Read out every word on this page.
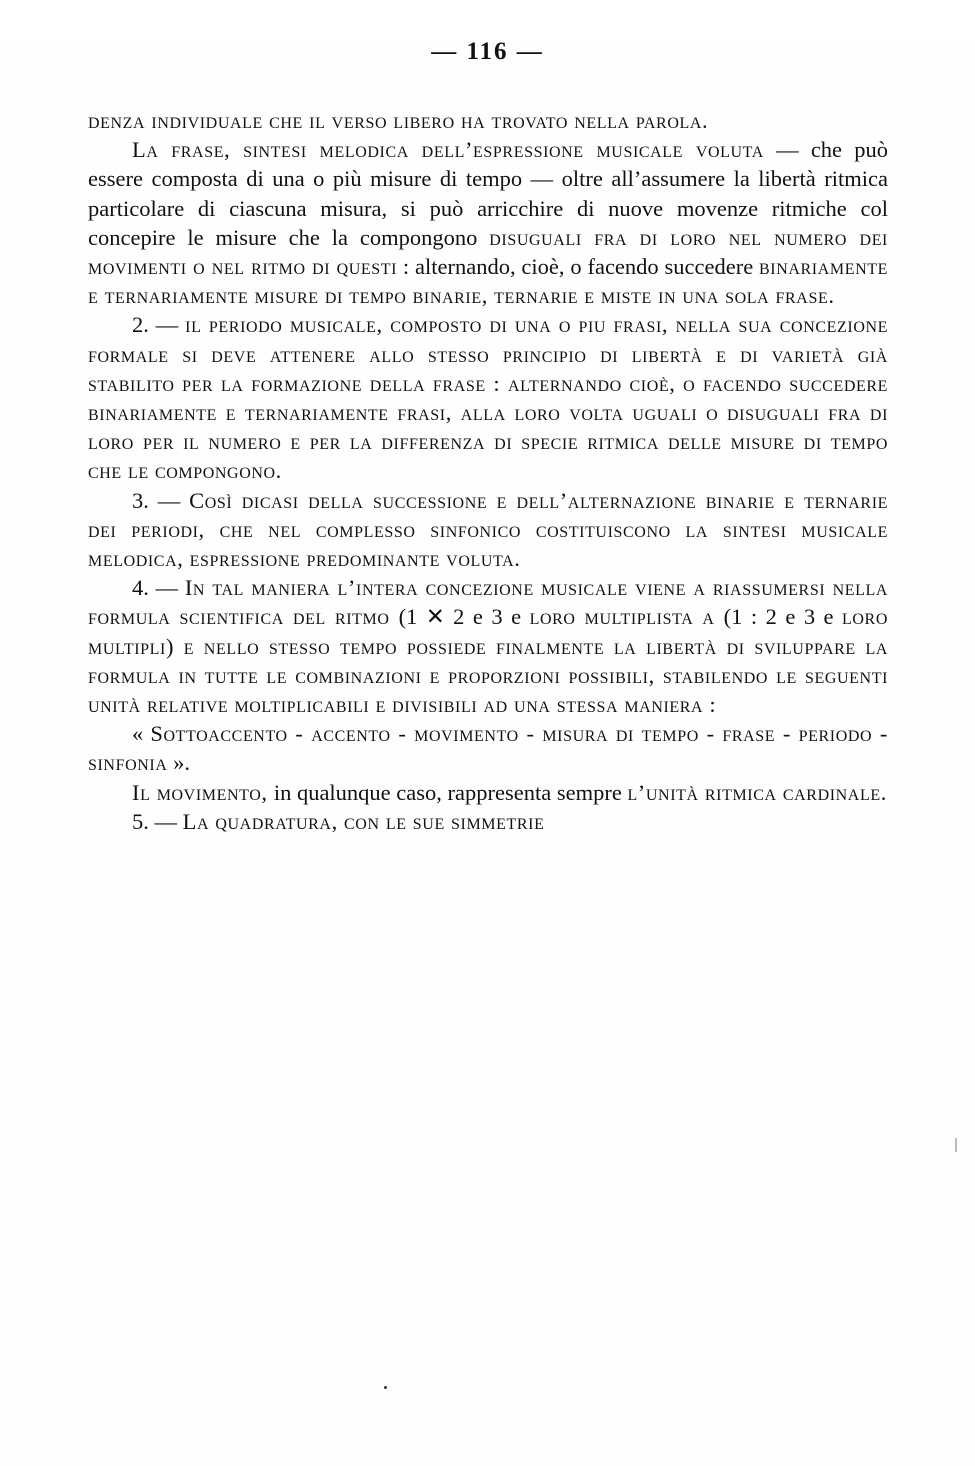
— 116 —

denza individuale che il verso libero ha trovato nella parola.

La frase, sintesi melodica dell’espressione musicale voluta — che può essere composta di una o più misure di tempo — oltre all’assumere la libertà ritmica particolare di ciascuna misura, si può arricchire di nuove movenze ritmiche col concepire le misure che la compongono disuguali fra di loro nel numero dei movimenti o nel ritmo di questi : alternando, cioè, o facendo succedere binariamente e ternariamente misure di tempo binarie, ternarie e miste in una sola frase.

2. — il periodo musicale, composto di una o piu frasi, nella sua concezione formale si deve attenere allo stesso principio di libertà e di varietà già stabilito per la formazione della frase : alternando cioè, o facendo succedere binariamente e ternariamente frasi, alla loro volta uguali o disuguali fra di loro per il numero e per la differenza di specie ritmica delle misure di tempo che le compongono.

3. — Così dicasi della successione e dell’alternazione binarie e ternarie dei periodi, che nel complesso sinfonico costituiscono la sintesi musicale melodica, espressione predominante voluta.

4. — In tal maniera l’intera concezione musicale viene a riassumersi nella formula scientifica del ritmo (1 ✕ 2 e 3 e loro multiplista a (1 : 2 e 3 e loro multipli) e nello stesso tempo possiede finalmente la libertà di sviluppare la formula in tutte le combinazioni e proporzioni possibili, stabilendo le seguenti unità relative moltiplicabili e divisibili ad una stessa maniera :

« Sottoaccento - accento - movimento - misura di tempo - frase - periodo - sinfonia ».

Il movimento, in qualunque caso, rappresenta sempre l’unità ritmica cardinale.

5. — La quadratura, con le sue simmetrie
